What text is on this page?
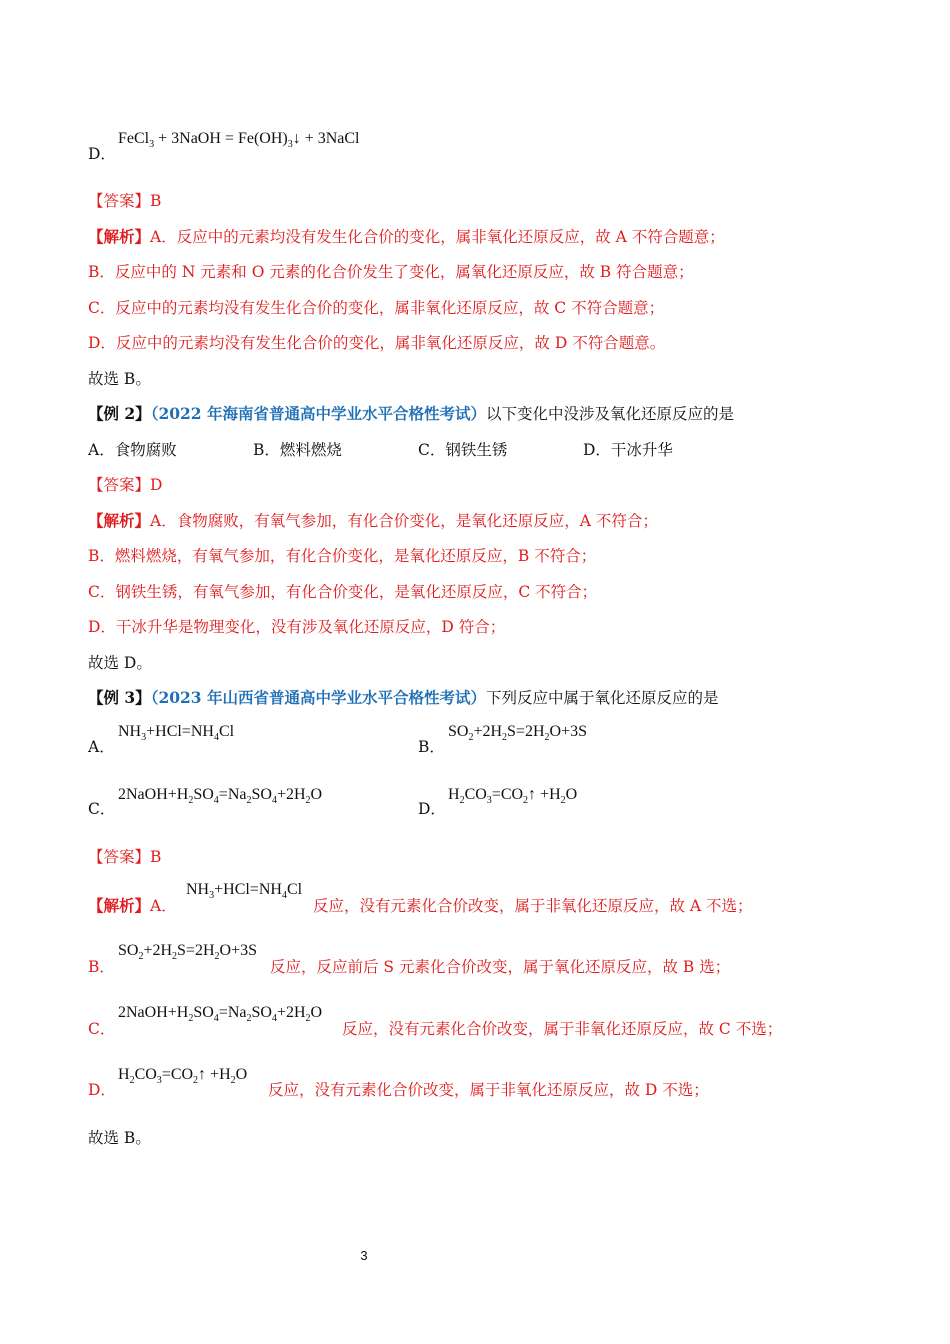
D．
FeCl$_3$ + 3NaOH = $Fe(OH)_3↓$ + 3NaCl
【答案】B
【解析】A．反应中的元素均没有发生化合价的变化，属非氧化还原反应，故 A 不符合题意；
B．反应中的 N 元素和 O 元素的化合价发生了变化，属氧化还原反应，故 B 符合题意；
C．反应中的元素均没有发生化合价的变化，属非氧化还原反应，故 C 不符合题意；
D．反应中的元素均没有发生化合价的变化，属非氧化还原反应，故 D 不符合题意。
故选 B。
【例 2】（2022 年海南省普通高中学业水平合格性考试）以下变化中没涉及氧化还原反应的是
A．食物腐败	B．燃料燃烧	C．钢铁生锈	D．干冰升华
【答案】D
【解析】A．食物腐败，有氧气参加，有化合价变化，是氧化还原反应，A 不符合；
B．燃料燃烧，有氧气参加，有化合价变化，是氧化还原反应，B 不符合；
C．钢铁生锈，有氧气参加，有化合价变化，是氧化还原反应，C 不符合；
D．干冰升华是物理变化，没有涉及氧化还原反应，D 符合；
故选 D。
【例 3】（2023 年山西省普通高中学业水平合格性考试）下列反应中属于氧化还原反应的是
A．
$NH_3+HCl=NH_4Cl$
B．
$SO_2+2H_2S=2H_2O+3S$
C．
$2NaOH+H_2SO_4=Na_2SO_4+2H_2O$
D．
$H_2CO_3=CO_2↑ +H_2O$
【答案】B
【解析】A．
$NH_3+HCl=NH_4Cl$
反应，没有元素化合价改变，属于非氧化还原反应，故 A 不选；
B．
$SO_2+2H_2S=2H_2O+3S$
反应，反应前后 S 元素化合价改变，属于氧化还原反应，故 B 选；
C．
$2NaOH+H_2SO_4=Na_2SO_4+2H_2O$
反应，没有元素化合价改变，属于非氧化还原反应，故 C 不选；
D．
$H_2CO_3=CO_2↑ +H_2O$
反应，没有元素化合价改变，属于非氧化还原反应，故 D 不选；
故选 B。
3
